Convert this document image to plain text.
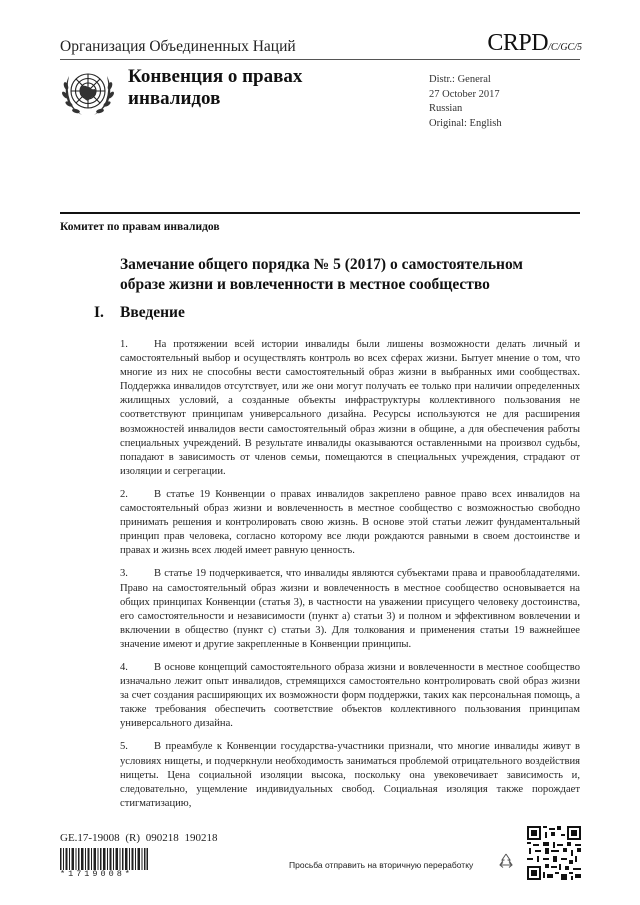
Организация Объединенных Наций	CRPD/C/GC/5
Конвенция о правах
инвалидов
Distr.: General
27 October 2017
Russian
Original: English
Комитет по правам инвалидов
Замечание общего порядка № 5 (2017) о самостоятельном образе жизни и вовлеченности в местное сообщество
I. Введение

1. На протяжении всей истории инвалиды были лишены возможности делать личный и самостоятельный выбор и осуществлять контроль во всех сферах жизни. Бытует мнение о том, что многие из них не способны вести самостоятельный образ жизни в выбранных ими сообществах. Поддержка инвалидов отсутствует, или же они могут получать ее только при наличии определенных жилищных условий, а созданные объекты инфраструктуры коллективного пользования не соответствуют принципам универсального дизайна. Ресурсы используются не для расширения возможностей инвалидов вести самостоятельный образ жизни в общине, а для обеспечения работы специальных учреждений. В результате инвалиды оказываются оставленными на произвол судьбы, попадают в зависимость от членов семьи, помещаются в специальных учреждения, страдают от изоляции и сегрегации.

2. В статье 19 Конвенции о правах инвалидов закреплено равное право всех инвалидов на самостоятельный образ жизни и вовлеченность в местное сообщество с возможностью свободно принимать решения и контролировать свою жизнь. В основе этой статьи лежит фундаментальный принцип прав человека, согласно которому все люди рождаются равными в своем достоинстве и правах и жизнь всех людей имеет равную ценность.

3. В статье 19 подчеркивается, что инвалиды являются субъектами права и правообладателями. Право на самостоятельный образ жизни и вовлеченность в местное сообщество основывается на общих принципах Конвенции (статья 3), в частности на уважении присущего человеку достоинства, его самостоятельности и независимости (пункт а) статьи 3) и полном и эффективном вовлечении и включении в общество (пункт с) статьи 3). Для толкования и применения статьи 19 важнейшее значение имеют и другие закрепленные в Конвенции принципы.

4. В основе концепций самостоятельного образа жизни и вовлеченности в местное сообщество изначально лежит опыт инвалидов, стремящихся самостоятельно контролировать свой образ жизни за счет создания расширяющих их возможности форм поддержки, таких как персональная помощь, а также требования обеспечить соответствие объектов коллективного пользования принципам универсального дизайна.

5. В преамбуле к Конвенции государства-участники признали, что многие инвалиды живут в условиях нищеты, и подчеркнули необходимость заниматься проблемой отрицательного воздействия нищеты. Цена социальной изоляции высока, поскольку она увековечивает зависимость и, следовательно, ущемление индивидуальных свобод. Социальная изоляция также порождает стигматизацию,

GE.17-19008 (R) 090218 190218
*1719008*
Просьба отправить на вторичную переработку
